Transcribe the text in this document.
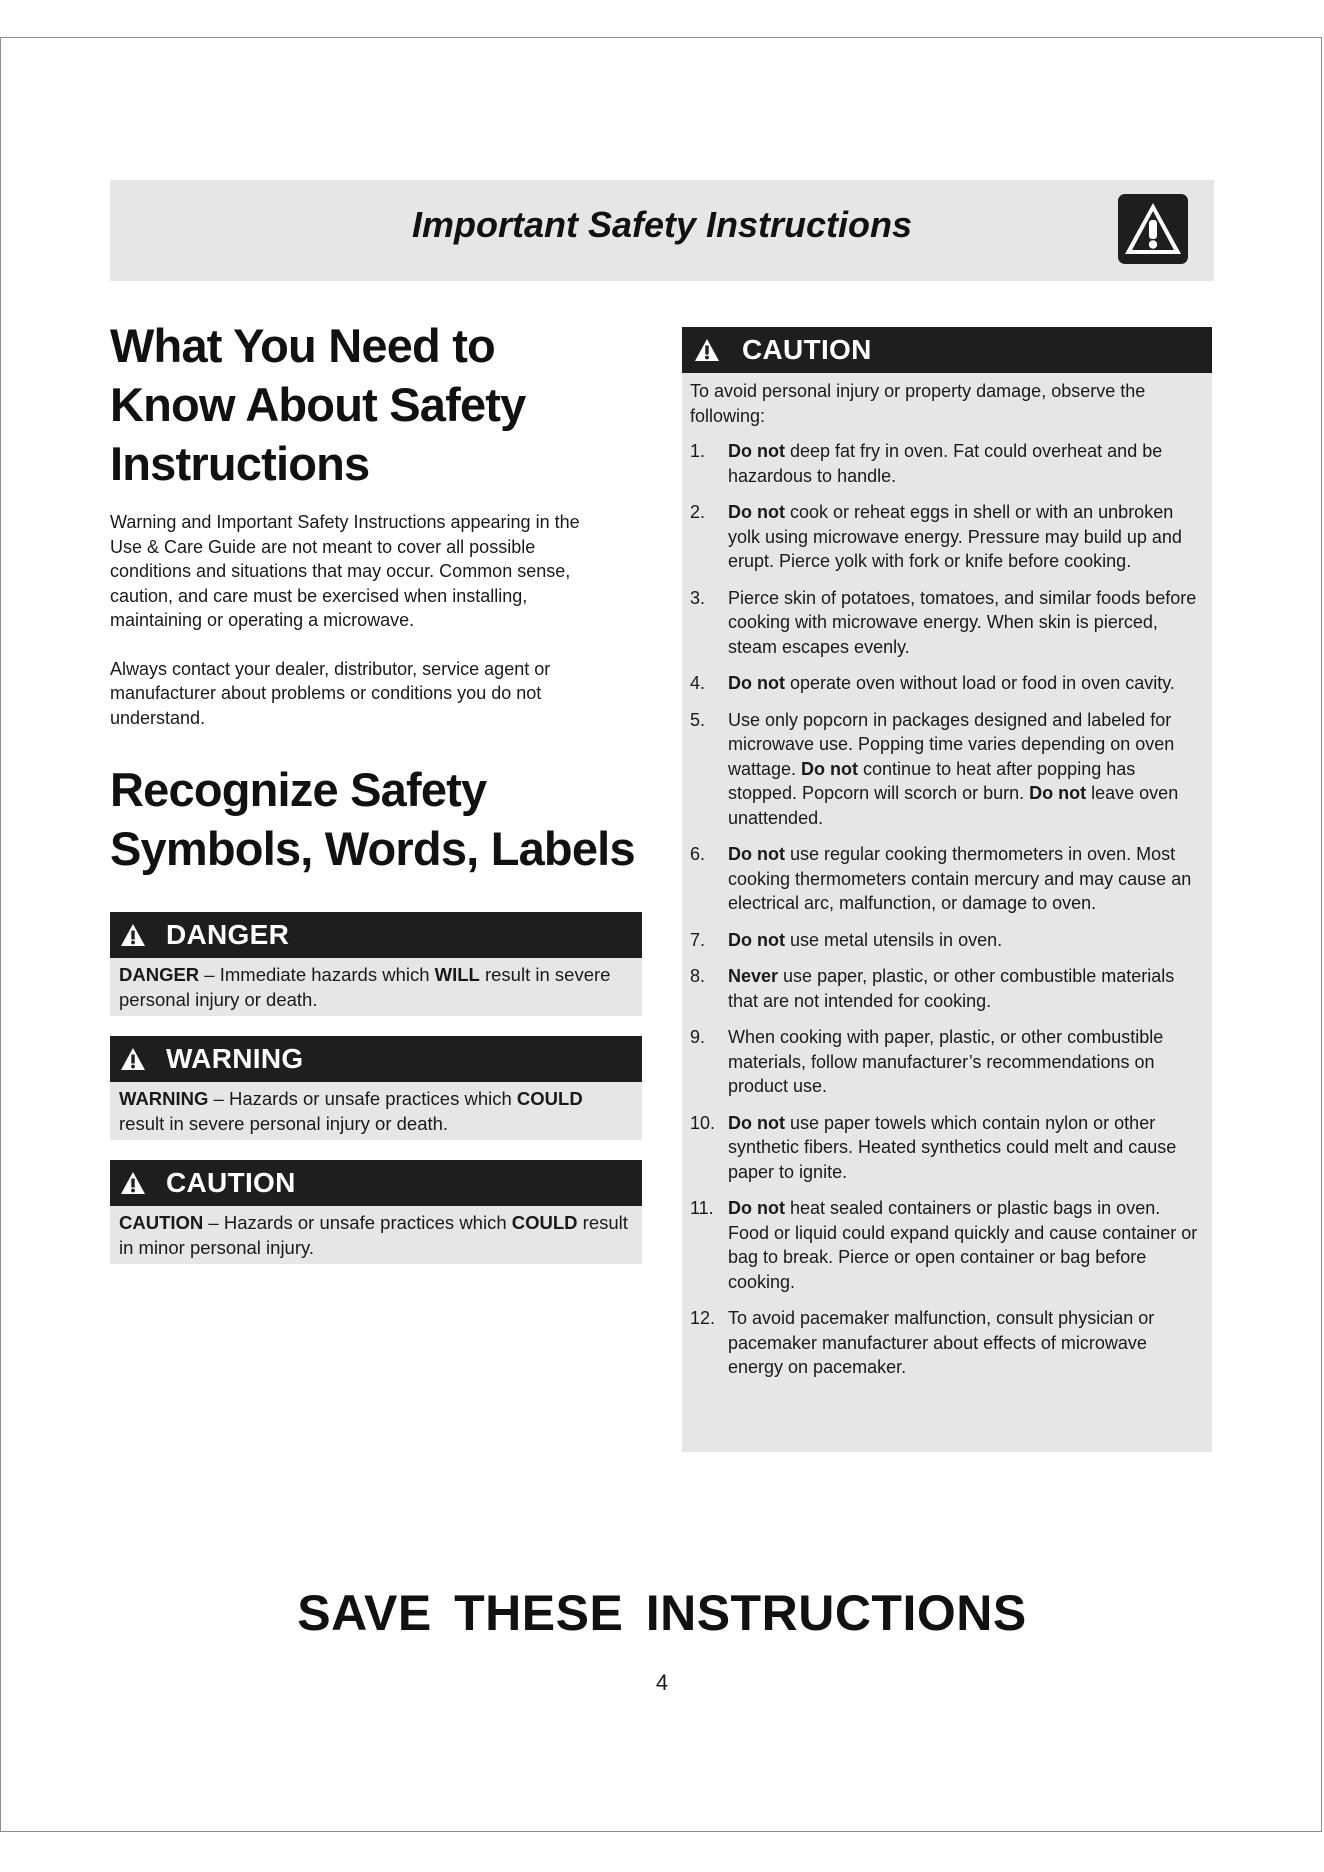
Important Safety Instructions
What You Need to
Know About Safety
Instructions

Warning and Important Safety Instructions appearing in the
Use & Care Guide are not meant to cover all possible
conditions and situations that may occur. Common sense,
caution, and care must be exercised when installing,
maintaining or operating a microwave.

Always contact your dealer, distributor, service agent or
manufacturer about problems or conditions you do not
understand.

Recognize Safety
Symbols, Words, Labels
DANGER
DANGER – Immediate hazards which WILL result in severe personal injury or death.
WARNING
WARNING – Hazards or unsafe practices which COULD result in severe personal injury or death.
CAUTION
CAUTION – Hazards or unsafe practices which COULD result in minor personal injury.
CAUTION

To avoid personal injury or property damage, observe the following:

1.	Do not deep fat fry in oven. Fat could overheat and be hazardous to handle.
2.	Do not cook or reheat eggs in shell or with an unbroken yolk using microwave energy. Pressure may build up and erupt. Pierce yolk with fork or knife before cooking.
3.	Pierce skin of potatoes, tomatoes, and similar foods before cooking with microwave energy. When skin is pierced, steam escapes evenly.
4.	Do not operate oven without load or food in oven cavity.
5.	Use only popcorn in packages designed and labeled for microwave use. Popping time varies depending on oven wattage. Do not continue to heat after popping has stopped. Popcorn will scorch or burn. Do not leave oven unattended.
6.	Do not use regular cooking thermometers in oven. Most cooking thermometers contain mercury and may cause an electrical arc, malfunction, or damage to oven.
7.	Do not use metal utensils in oven.
8.	Never use paper, plastic, or other combustible materials that are not intended for cooking.
9.	When cooking with paper, plastic, or other combustible materials, follow manufacturer’s recommendations on product use.
10. Do not use paper towels which contain nylon or other synthetic fibers. Heated synthetics could melt and cause paper to ignite.
11. Do not heat sealed containers or plastic bags in oven. Food or liquid could expand quickly and cause container or bag to break. Pierce or open container or bag before cooking.
12. To avoid pacemaker malfunction, consult physician or pacemaker manufacturer about effects of microwave energy on pacemaker.
SAVE THESE INSTRUCTIONS
4
